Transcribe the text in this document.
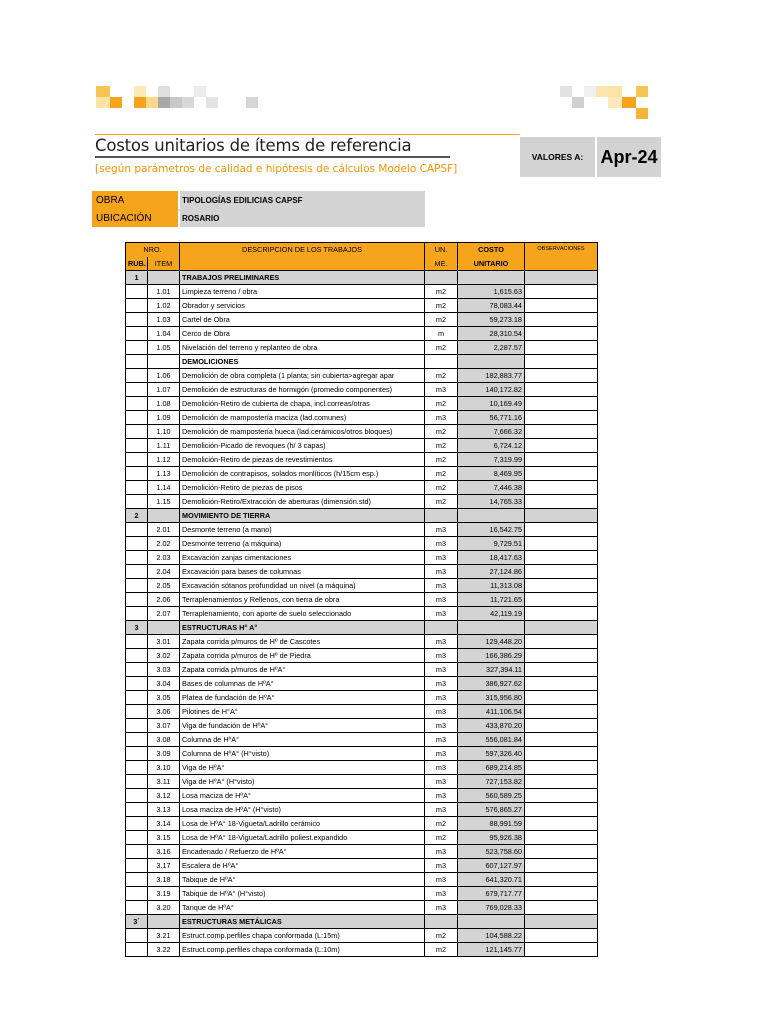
Costos unitarios de ítems de referencia
[según parámetros de calidad e hipótesis de cálculos Modelo CAPSF]
VALORES A: Apr-24
OBRA	TIPOLOGÍAS EDILICIAS CAPSF
UBICACIÓN	ROSARIO
NRO.		DESCRIPCION DE LOS TRABAJOS	UN.	COSTO	OBSERVACIONES
RUB.	ITEM		ME.	UNITARIO	
1		TRABAJOS PRELIMINARES			
	1.01	Limpieza terreno / obra	m2	1,615.63	
	1.02	Obrador y servicios	m2	78,083.44	
	1.03	Cartel de Obra	m2	59,273.18	
	1.04	Cerco de Obra	m	28,310.54	
	1.05	Nivelación del terreno y replanteo de obra	m2	2,287.57	
		DEMOLICIONES			
	1.06	Demolición de obra completa (1 planta; sin cubierta>agregar apar	m2	182,883.77	
	1.07	Demolición de estructuras de hormigón (promedio componentes)	m3	140,172.82	
	1.08	Demolición-Retiro de cubierta de chapa, incl.correas/otras	m2	10,169.49	
	1.09	Demolición de mampostería maciza (lad.comunes)	m3	56,771.16	
	1.10	Demolición de mampostería hueca (lad.cerámicos/otros bloques)	m2	7,666.32	
	1.11	Demolición-Picado de revoques (h/ 3 capas)	m2	6,724.12	
	1.12	Demolición-Retiro de piezas de revestimientos	m2	7,319.99	
	1.13	Demolición de contrapisos, solados monlíticos (h/15cm esp.)	m2	8,469.95	
	1.14	Demolición-Retiro de piezas de pisos	m2	7,446.38	
	1.15	Demolición-Retiro/Extracción de aberturas (dimensión.std)	m2	14,765.33	
2		MOVIMIENTO DE TIERRA			
	2.01	Desmonte terreno (a mano)	m3	16,542.75	
	2.02	Desmonte terreno (a máquina)	m3	9,729.51	
	2.03	Excavación zanjas cimentaciones	m3	18,417.63	
	2.04	Excavación para bases de columnas	m3	27,124.86	
	2.05	Excavación sótanos profundidad un nivel (a máquina)	m3	11,313.08	
	2.06	Terraplenamientos y Rellenos, con tierra de obra	m3	11,721.65	
	2.07	Terraplenamiento, con aporte de suelo seleccionado	m3	42,119.19	
3		ESTRUCTURAS H° A°			
	3.01	Zapata corrida p/muros de Hº de Cascotes	m3	129,448.20	
	3.02	Zapata corrida p/muros de Hº de Piedra	m3	166,386.29	
	3.03	Zapata corrida p/muros de HºA°	m3	327,394.11	
	3.04	Bases de columnas de HºA°	m3	386,927.62	
	3.05	Platea de fundación de HºA°	m3	315,956.80	
	3.06	Pilotines de H°A°	m3	411,106.54	
	3.07	Viga de fundación de HºA°	m3	433,870.20	
	3.08	Columna de HºA°	m3	556,081.84	
	3.09	Columna de HºA° (H°visto)	m3	597,326.40	
	3.10	Viga de HºA°	m3	689,214.85	
	3.11	Viga de HºA° (H°visto)	m3	727,153.82	
	3.12	Losa maciza de HºA°	m3	560,589.25	
	3.13	Losa maciza de HºA° (H°visto)	m3	576,865.27	
	3.14	Losa de HºA° 18-Vigueta/Ladrillo cerámico	m2	88,991.59	
	3.15	Losa de HºA° 18-Vigueta/Ladrillo poliest.expandido	m2	95,926.38	
	3.16	Encadenado / Refuerzo de HºA°	m3	523,758.60	
	3.17	Escalera de HºA°	m3	607,127.97	
	3.18	Tabique de HºA°	m3	641,320.71	
	3.19	Tabique de HºA° (H°visto)	m3	679,717.77	
	3.20	Tanque de HºA°	m3	769,028.33	
3´		ESTRUCTURAS METÁLICAS			
	3.21	Estruct.comp.perfiles chapa conformada (L:15m)	m2	104,588.22	
	3.22	Estruct.comp.perfiles chapa conformada (L:10m)	m2	121,145.77	
